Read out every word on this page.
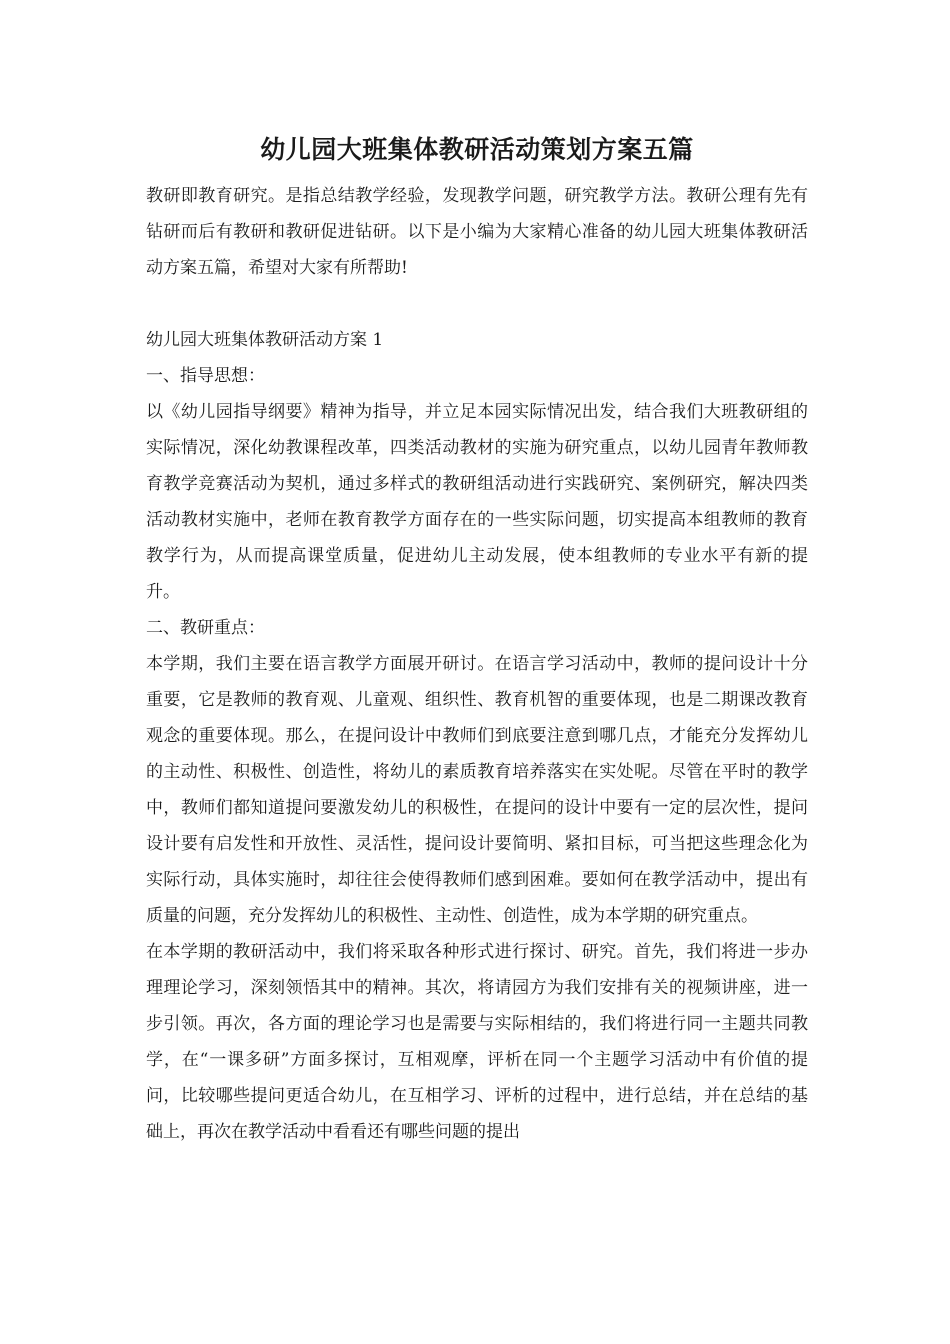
幼儿园大班集体教研活动策划方案五篇

教研即教育研究。是指总结教学经验，发现教学问题，研究教学方法。教研公理有先有钻研而后有教研和教研促进钻研。以下是小编为大家精心准备的幼儿园大班集体教研活动方案五篇，希望对大家有所帮助!

幼儿园大班集体教研活动方案 1

一、指导思想：

以《幼儿园指导纲要》精神为指导，并立足本园实际情况出发，结合我们大班教研组的实际情况，深化幼教课程改革，四类活动教材的实施为研究重点，以幼儿园青年教师教育教学竞赛活动为契机，通过多样式的教研组活动进行实践研究、案例研究，解决四类活动教材实施中，老师在教育教学方面存在的一些实际问题，切实提高本组教师的教育教学行为，从而提高课堂质量，促进幼儿主动发展，使本组教师的专业水平有新的提升。

二、教研重点：

本学期，我们主要在语言教学方面展开研讨。在语言学习活动中，教师的提问设计十分重要，它是教师的教育观、儿童观、组织性、教育机智的重要体现，也是二期课改教育观念的重要体现。那么，在提问设计中教师们到底要注意到哪几点，才能充分发挥幼儿的主动性、积极性、创造性，将幼儿的素质教育培养落实在实处呢。尽管在平时的教学中，教师们都知道提问要激发幼儿的积极性，在提问的设计中要有一定的层次性，提问设计要有启发性和开放性、灵活性，提问设计要简明、紧扣目标，可当把这些理念化为实际行动，具体实施时，却往往会使得教师们感到困难。要如何在教学活动中，提出有质量的问题，充分发挥幼儿的积极性、主动性、创造性，成为本学期的研究重点。

在本学期的教研活动中，我们将采取各种形式进行探讨、研究。首先，我们将进一步办理理论学习，深刻领悟其中的精神。其次，将请园方为我们安排有关的视频讲座，进一步引领。再次，各方面的理论学习也是需要与实际相结的，我们将进行同一主题共同教学，在“一课多研”方面多探讨，互相观摩，评析在同一个主题学习活动中有价值的提问，比较哪些提问更适合幼儿，在互相学习、评析的过程中，进行总结，并在总结的基础上，再次在教学活动中看看还有哪些问题的提出
